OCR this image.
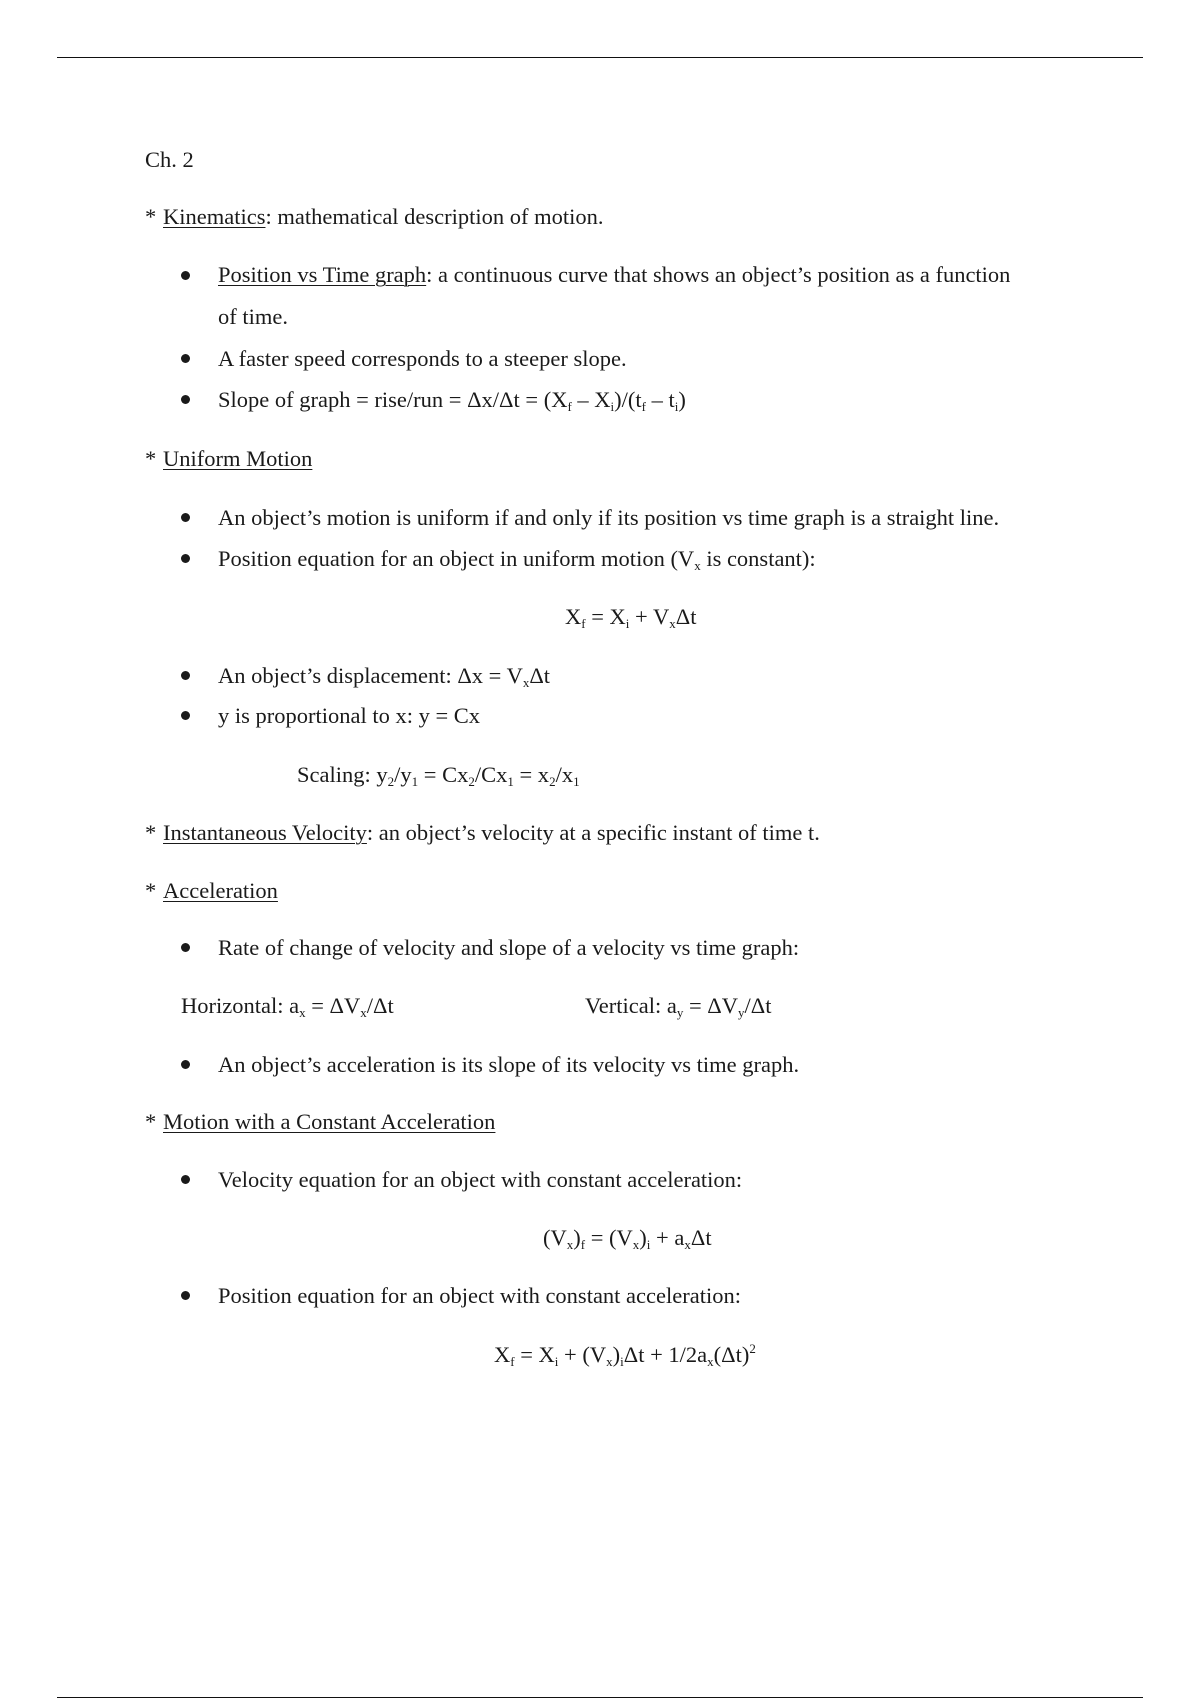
Ch. 2
* Kinematics: mathematical description of motion.
Position vs Time graph: a continuous curve that shows an object’s position as a function
of time.
A faster speed corresponds to a steeper slope.
Slope of graph = rise/run = $\Delta x/\Delta t = (X_f - X_i)/(t_f - t_i)$
* Uniform Motion
An object’s motion is uniform if and only if its position vs time graph is a straight line.
Position equation for an object in uniform motion ($V_x$ is constant):
$X_f = X_i + V_x\Delta t$
An object’s displacement: $\Delta x = V_x\Delta t$
y is proportional to x: y = Cx
Scaling: $y_2/y_1 = Cx_2/Cx_1 = x_2/x_1$
* Instantaneous Velocity: an object’s velocity at a specific instant of time t.
* Acceleration
Rate of change of velocity and slope of a velocity vs time graph:
Horizontal: $a_x = \Delta V_x/\Delta t$	Vertical: $a_y = \Delta V_y/\Delta t$
An object’s acceleration is its slope of its velocity vs time graph.
* Motion with a Constant Acceleration
Velocity equation for an object with constant acceleration:
$(V_x)_f = (V_x)_i + a_x\Delta t$
Position equation for an object with constant acceleration:
$X_f = X_i + (V_x)_i\Delta t + 1/2a_x(\Delta t)^2$
